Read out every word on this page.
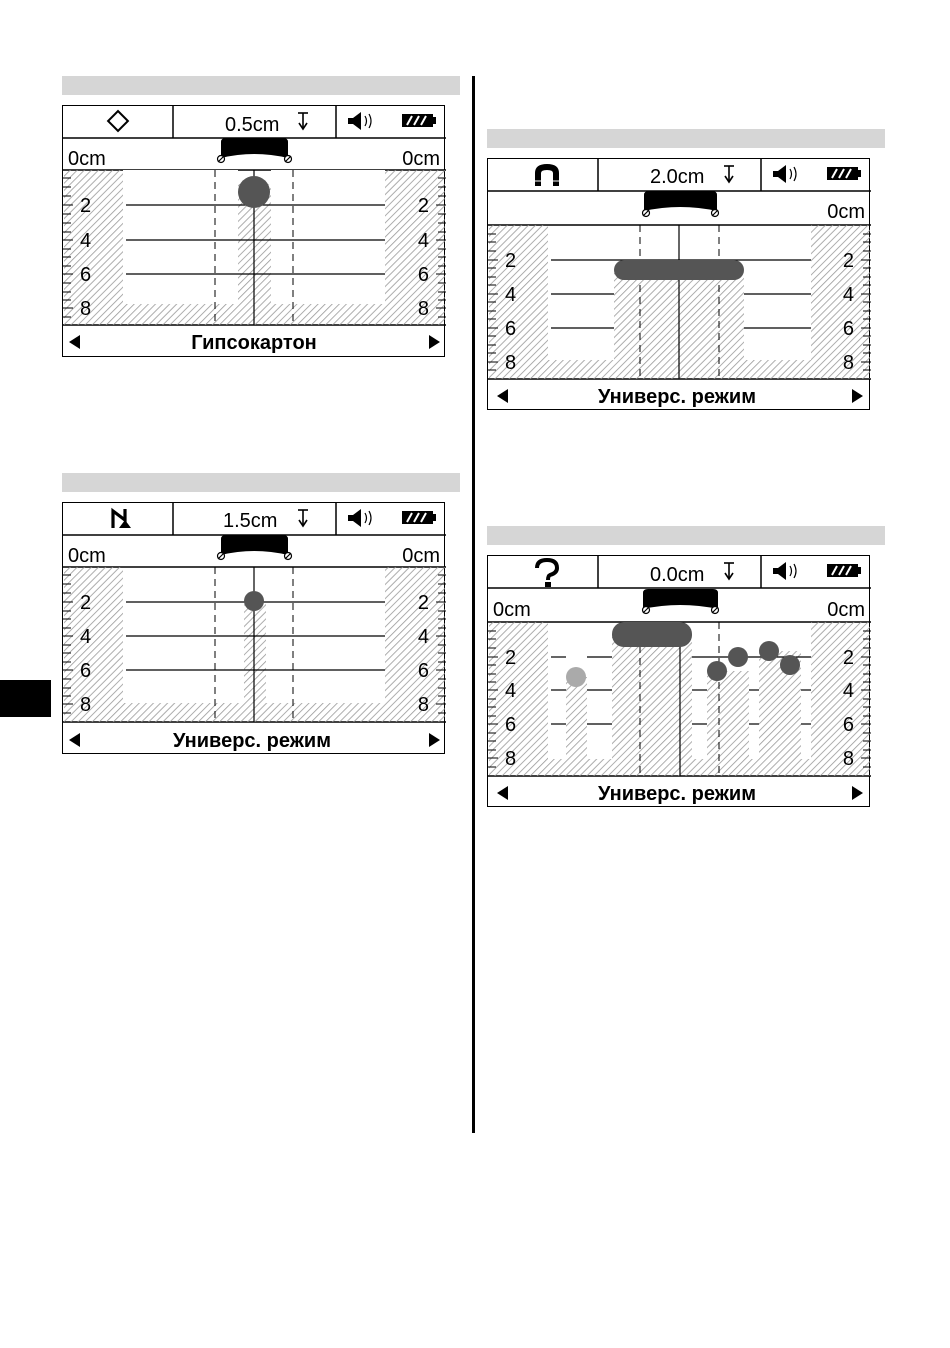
0.5cm
0cm	0cm
2
4
6
8
2
4
6
8
Гипсокартон
1.5cm
0cm	0cm
2
4
6
8
2
4
6
8
Универс. режим
2.0cm
0cm
2
4
6
8
2
4
6
8
Универс. режим
0.0cm
0cm	0cm
2
4
6
8
2
4
6
8
Универс. режим
